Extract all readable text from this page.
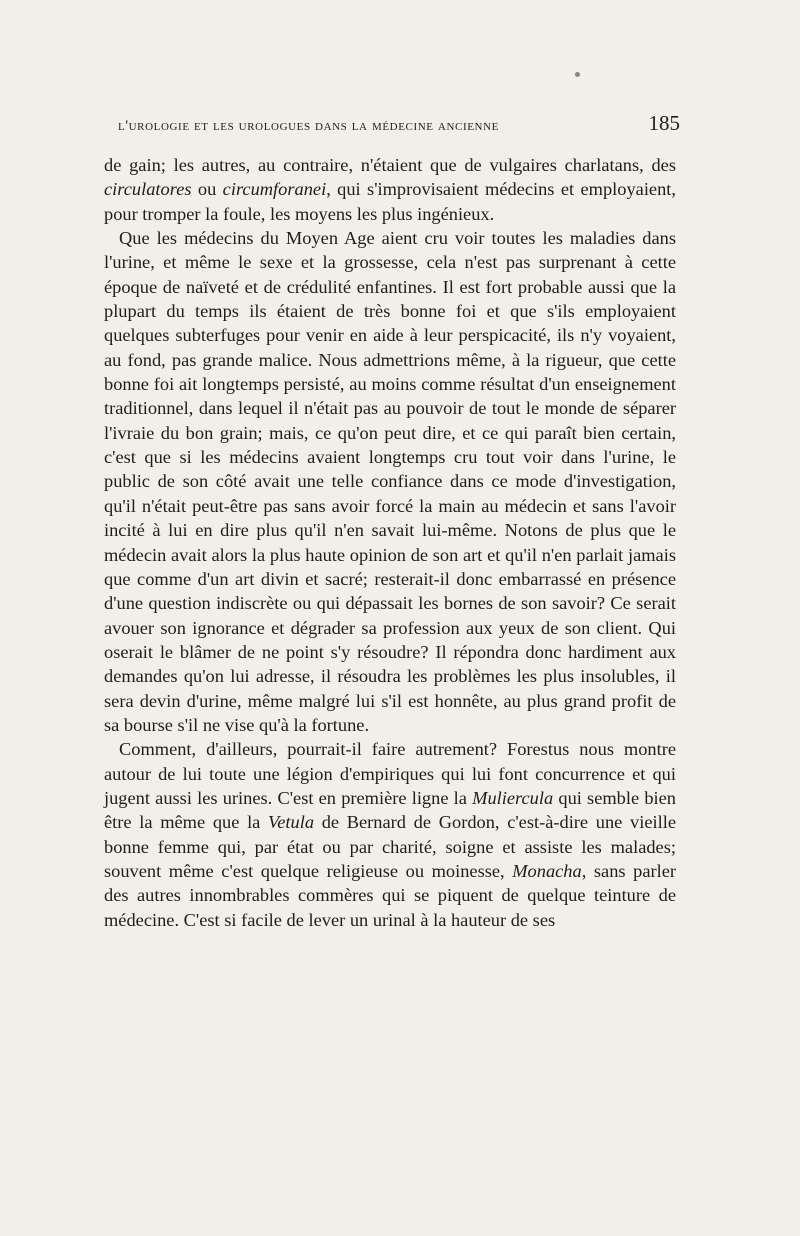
l'urologie et les urologues dans la médecine ancienne	185

de gain; les autres, au contraire, n'étaient que de vulgaires charlatans, des circulatores ou circumforanei, qui s'improvisaient médecins et employaient, pour tromper la foule, les moyens les plus ingénieux.

Que les médecins du Moyen Age aient cru voir toutes les maladies dans l'urine, et même le sexe et la grossesse, cela n'est pas surprenant à cette époque de naïveté et de crédulité enfantines. Il est fort probable aussi que la plupart du temps ils étaient de très bonne foi et que s'ils employaient quelques subterfuges pour venir en aide à leur perspicacité, ils n'y voyaient, au fond, pas grande malice. Nous admettrions même, à la rigueur, que cette bonne foi ait longtemps persisté, au moins comme résultat d'un enseignement traditionnel, dans lequel il n'était pas au pouvoir de tout le monde de séparer l'ivraie du bon grain; mais, ce qu'on peut dire, et ce qui paraît bien certain, c'est que si les médecins avaient longtemps cru tout voir dans l'urine, le public de son côté avait une telle confiance dans ce mode d'investigation, qu'il n'était peut-être pas sans avoir forcé la main au médecin et sans l'avoir incité à lui en dire plus qu'il n'en savait lui-même. Notons de plus que le médecin avait alors la plus haute opinion de son art et qu'il n'en parlait jamais que comme d'un art divin et sacré; resterait-il donc embarrassé en présence d'une question indiscrète ou qui dépassait les bornes de son savoir? Ce serait avouer son ignorance et dégrader sa profession aux yeux de son client. Qui oserait le blâmer de ne point s'y résoudre? Il répondra donc hardiment aux demandes qu'on lui adresse, il résoudra les problèmes les plus insolubles, il sera devin d'urine, même malgré lui s'il est honnête, au plus grand profit de sa bourse s'il ne vise qu'à la fortune.

Comment, d'ailleurs, pourrait-il faire autrement? Forestus nous montre autour de lui toute une légion d'empiriques qui lui font concurrence et qui jugent aussi les urines. C'est en première ligne la Muliercula qui semble bien être la même que la Vetula de Bernard de Gordon, c'est-à-dire une vieille bonne femme qui, par état ou par charité, soigne et assiste les malades; souvent même c'est quelque religieuse ou moinesse, Monacha, sans parler des autres innombrables commères qui se piquent de quelque teinture de médecine. C'est si facile de lever un urinal à la hauteur de ses
